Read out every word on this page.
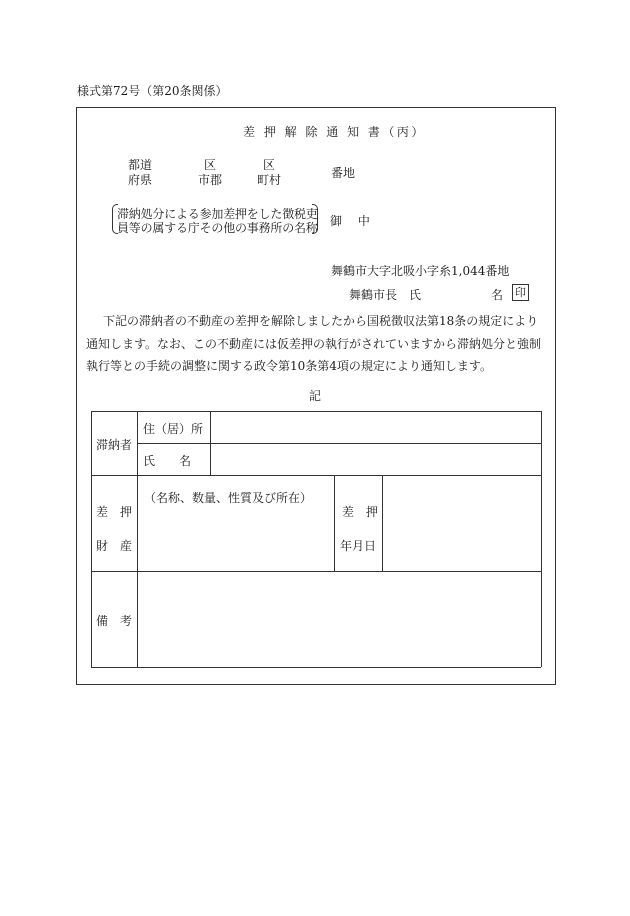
様式第72号（第20条関係）
差 押 解 除 通 知 書（丙）
都道
府県
区
市郡
区
町村	番地
滞納処分による参加差押をした徴税吏
員等の属する庁その他の事務所の名称 御 中
舞鶴市大字北吸小字糸1,044番地
舞鶴市長　氏	名 印
下記の滞納者の不動産の差押を解除しましたから国税徴収法第18条の規定により
通知します。なお、この不動産には仮差押の執行がされていますから滞納処分と強制
執行等との手続の調整に関する政令第10条第4項の規定により通知します。
記
滞納者
住（居）所
氏　　名
差　押
財　産
（名称、数量、性質及び所在）
差　押
年月日
備　考
